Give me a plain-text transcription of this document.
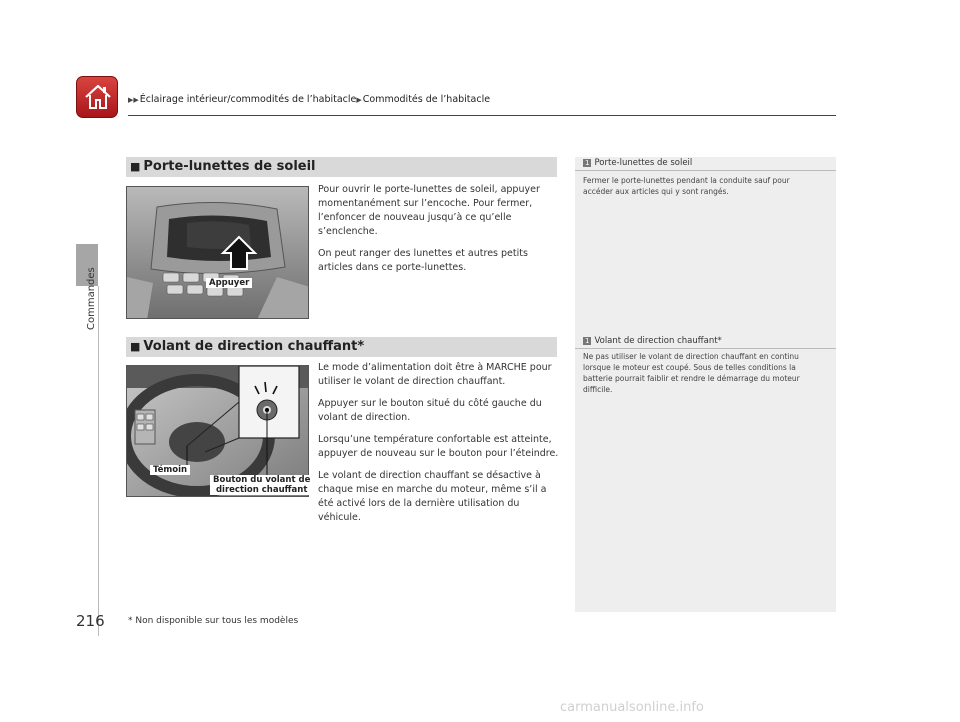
▶▶Éclairage intérieur/commodités de l’habitacle▶Commodités de l’habitacle
Commandes
■ Porte-lunettes de soleil
Appuyer

Pour ouvrir le porte-lunettes de soleil, appuyer momentanément sur l’encoche. Pour fermer, l’enfoncer de nouveau jusqu’à ce qu’elle s’enclenche.

On peut ranger des lunettes et autres petits articles dans ce porte-lunettes.

■ Volant de direction chauffant*
Témoin
Bouton du volant de
direction chauffant

Le mode d’alimentation doit être à MARCHE pour utiliser le volant de direction chauffant.

Appuyer sur le bouton situé du côté gauche du volant de direction.

Lorsqu’une température confortable est atteinte, appuyer de nouveau sur le bouton pour l’éteindre.

Le volant de direction chauffant se désactive à chaque mise en marche du moteur, même s’il a été activé lors de la dernière utilisation du véhicule.

1 Porte-lunettes de soleil
Fermer le porte-lunettes pendant la conduite sauf pour accéder aux articles qui y sont rangés.
1 Volant de direction chauffant*
Ne pas utiliser le volant de direction chauffant en continu lorsque le moteur est coupé. Sous de telles conditions la batterie pourrait faiblir et rendre le démarrage du moteur difficile.
216	* Non disponible sur tous les modèles
carmanualsonline.info
